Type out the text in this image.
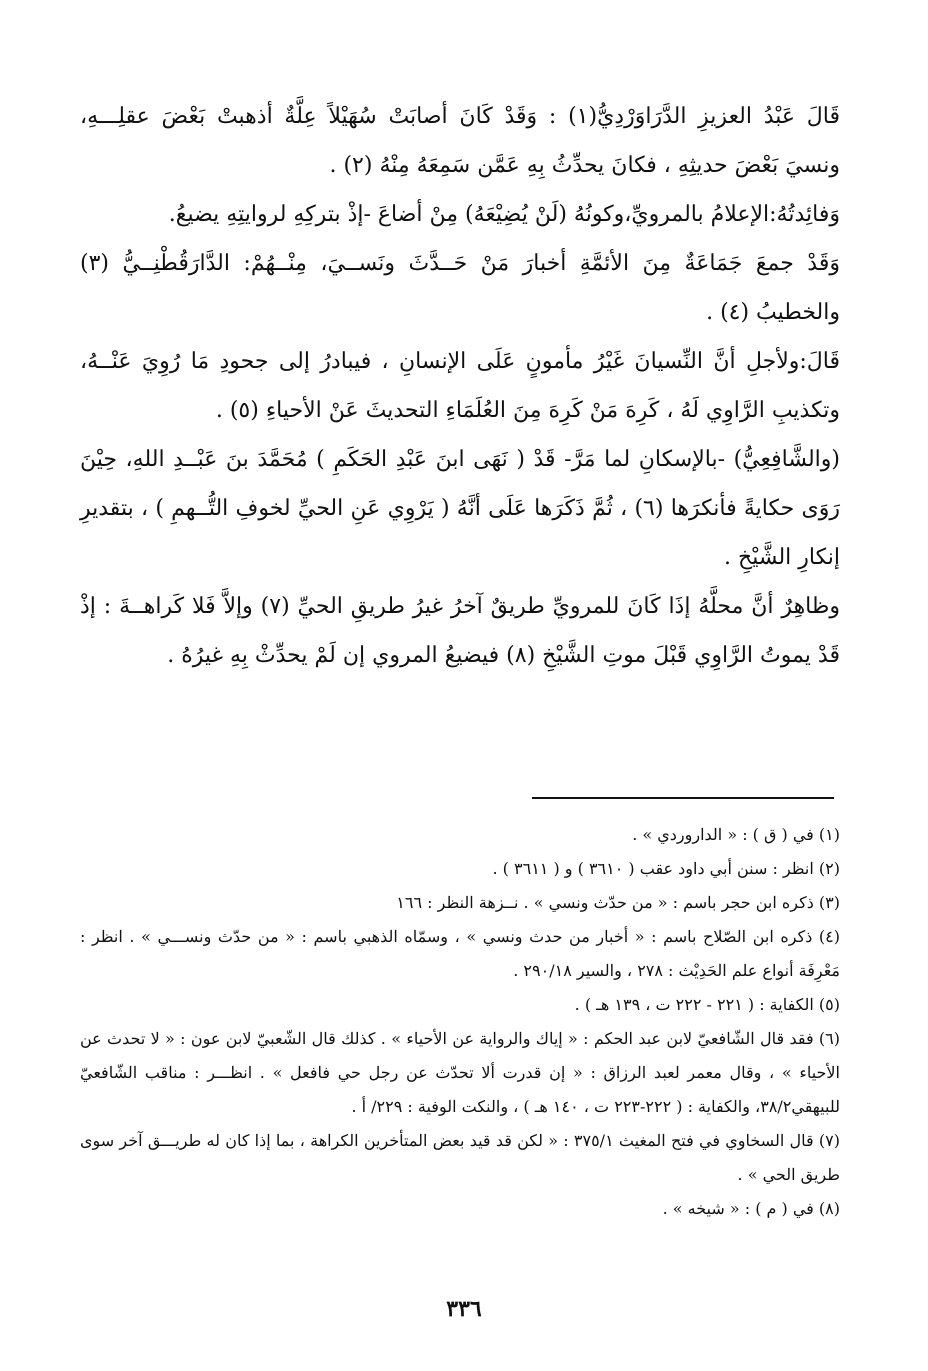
قَالَ عَبْدُ العزيزِ الدَّرَاوَرْدِيُّ(١) : وَقَدْ كَانَ أصابَتْ سُهَيْلاً عِلَّةٌ أذهبتْ بَعْضَ عقلِـــهِ، ونسيَ بَعْضَ حديثِهِ ، فكانَ يحدِّثُ بِهِ عَمَّن سَمِعَهُ مِنْهُ (٢) .

وَفائِدتُهُ:الإعلامُ بالمرويِّ،وكونُهُ (لَنْ يُضِيْعَهُ) مِنْ أضاعَ -إذْ بتركِهِ لروايتِهِ يضيعُ.

وَقَدْ جمعَ جَمَاعَةٌ مِنَ الأئمَّةِ أخبارَ مَنْ حَــدَّثَ ونَســيَ، مِنْــهُمْ: الدَّارَقُطْنِــيُّ (٣) والخطيبُ (٤) .

قَالَ:ولأجلِ أنَّ النِّسيانَ غَيْرُ مأمونٍ عَلَى الإنسانِ ، فيبادرُ إلى جحودِ مَا رُوِيَ عَنْــهُ، وتكذيبِ الرَّاوِي لَهُ ، كَرِهَ مَنْ كَرِهَ مِنَ العُلَمَاءِ التحديثَ عَنْ الأحياءِ (٥) .

(والشَّافِعِيُّ) -بالإسكانِ لما مَرَّ- قَدْ ( نَهَى ابنَ عَبْدِ الحَكَمِ ) مُحَمَّدَ بنَ عَبْــدِ اللهِ، حِيْنَ رَوَى حكايةً فأنكرَها (٦) ، ثُمَّ ذَكَرَها عَلَى أنَّهُ ( يَرْوِي عَنِ الحيِّ لخوفِ التُّــهمِ ) ، بتقديرِ إنكارِ الشَّيْخِ .

وظاهِرٌ أنَّ محلَّهُ إذَا كَانَ للمرويِّ طريقٌ آخرُ غيرُ طريقِ الحيِّ (٧) وإلاَّ فَلا كَراهــةَ : إذْ قَدْ يموتُ الرَّاوِي قَبْلَ موتِ الشَّيْخِ (٨) فيضيعُ المروي إن لَمْ يحدِّثْ بِهِ غيرُهُ .

(١) في ( ق ) : « الداروردي » .

(٢) انظر : سنن أبي داود عقب ( ٣٦١٠ ) و ( ٣٦١١ ) .

(٣) ذكره ابن حجر باسم : « من حدّث ونسي » . نــزهة النظر : ١٦٦

(٤) ذكره ابن الصّلاح باسم : « أخبار من حدث ونسي » ، وسمّاه الذهبي باسم : « من حدّث ونســـي » . انظر : مَعْرِفَة أنواع علم الحَدِيْث : ٢٧٨ ، والسير ٢٩٠/١٨ .

(٥) الكفاية : ( ٢٢١ - ٢٢٢ ت ، ١٣٩ هـ ) .

(٦) فقد قال الشّافعيّ لابن عبد الحكم : « إياك والرواية عن الأحياء » . كذلك قال الشّعبيّ لابن عون : « لا تحدث عن الأحياء » ، وقال معمر لعبد الرزاق : « إن قدرت ألا تحدّث عن رجل حي فافعل » . انظـــر : مناقب الشّافعيّ للبيهقي٣٨/٢، والكفاية : ( ٢٢٢-٢٢٣ ت ، ١٤٠ هـ ) ، والنكت الوفية : ٢٢٩/ أ .

(٧) قال السخاوي في فتح المغيث ٣٧٥/١ : « لكن قد قيد بعض المتأخرين الكراهة ، بما إذا كان له طريـــق آخر سوى طريق الحي » .

(٨) في ( م ) : « شيخه » .

٣٣٦
